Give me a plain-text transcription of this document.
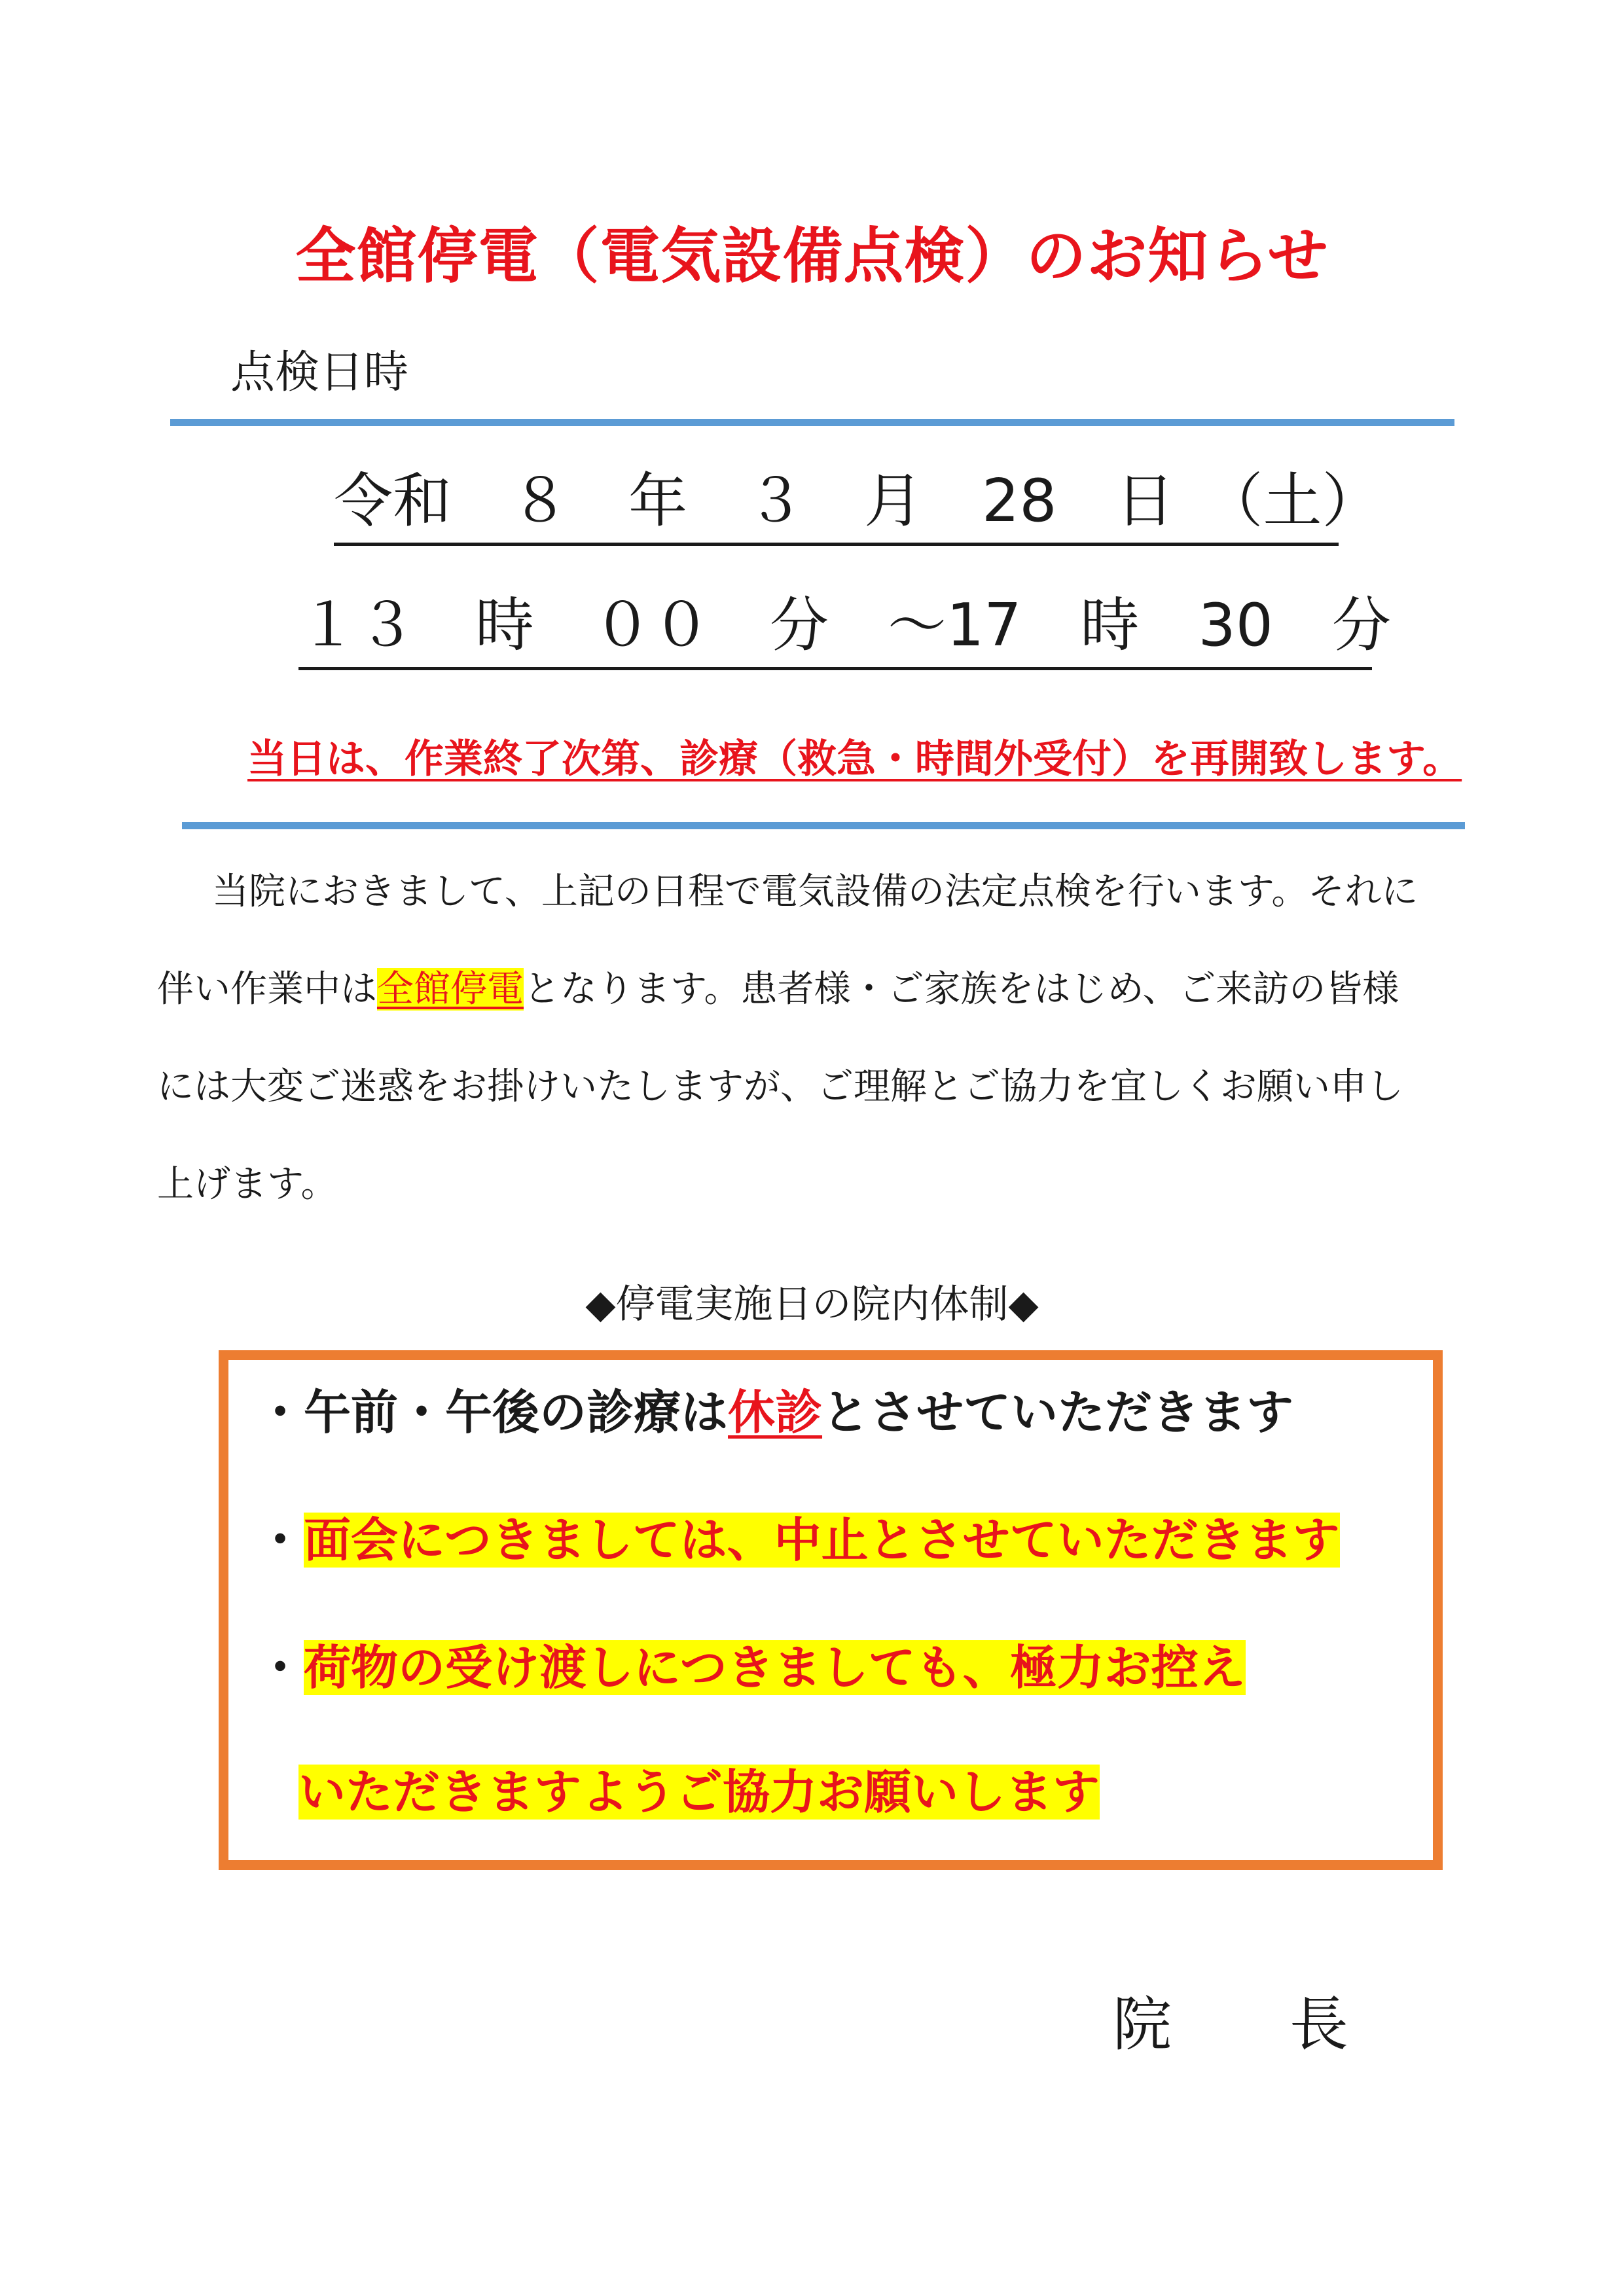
全館停電（電気設備点検）のお知らせ
点検日時
令和　８　年　３　月　28　日　（土）
１３　時　００　分　～17　時　30　分
当日は、作業終了次第、診療（救急・時間外受付）を再開致します。
当院におきまして、上記の日程で電気設備の法定点検を行います。それに
伴い作業中は全館停電となります。患者様・ご家族をはじめ、ご来訪の皆様
には大変ご迷惑をお掛けいたしますが、ご理解とご協力を宜しくお願い申し
上げます。
◆停電実施日の院内体制◆
・午前・午後の診療は休診とさせていただきます
・面会につきましては、中止とさせていただきます
・荷物の受け渡しにつきましても、極力お控え
いただきますようご協力お願いします
院　　長
